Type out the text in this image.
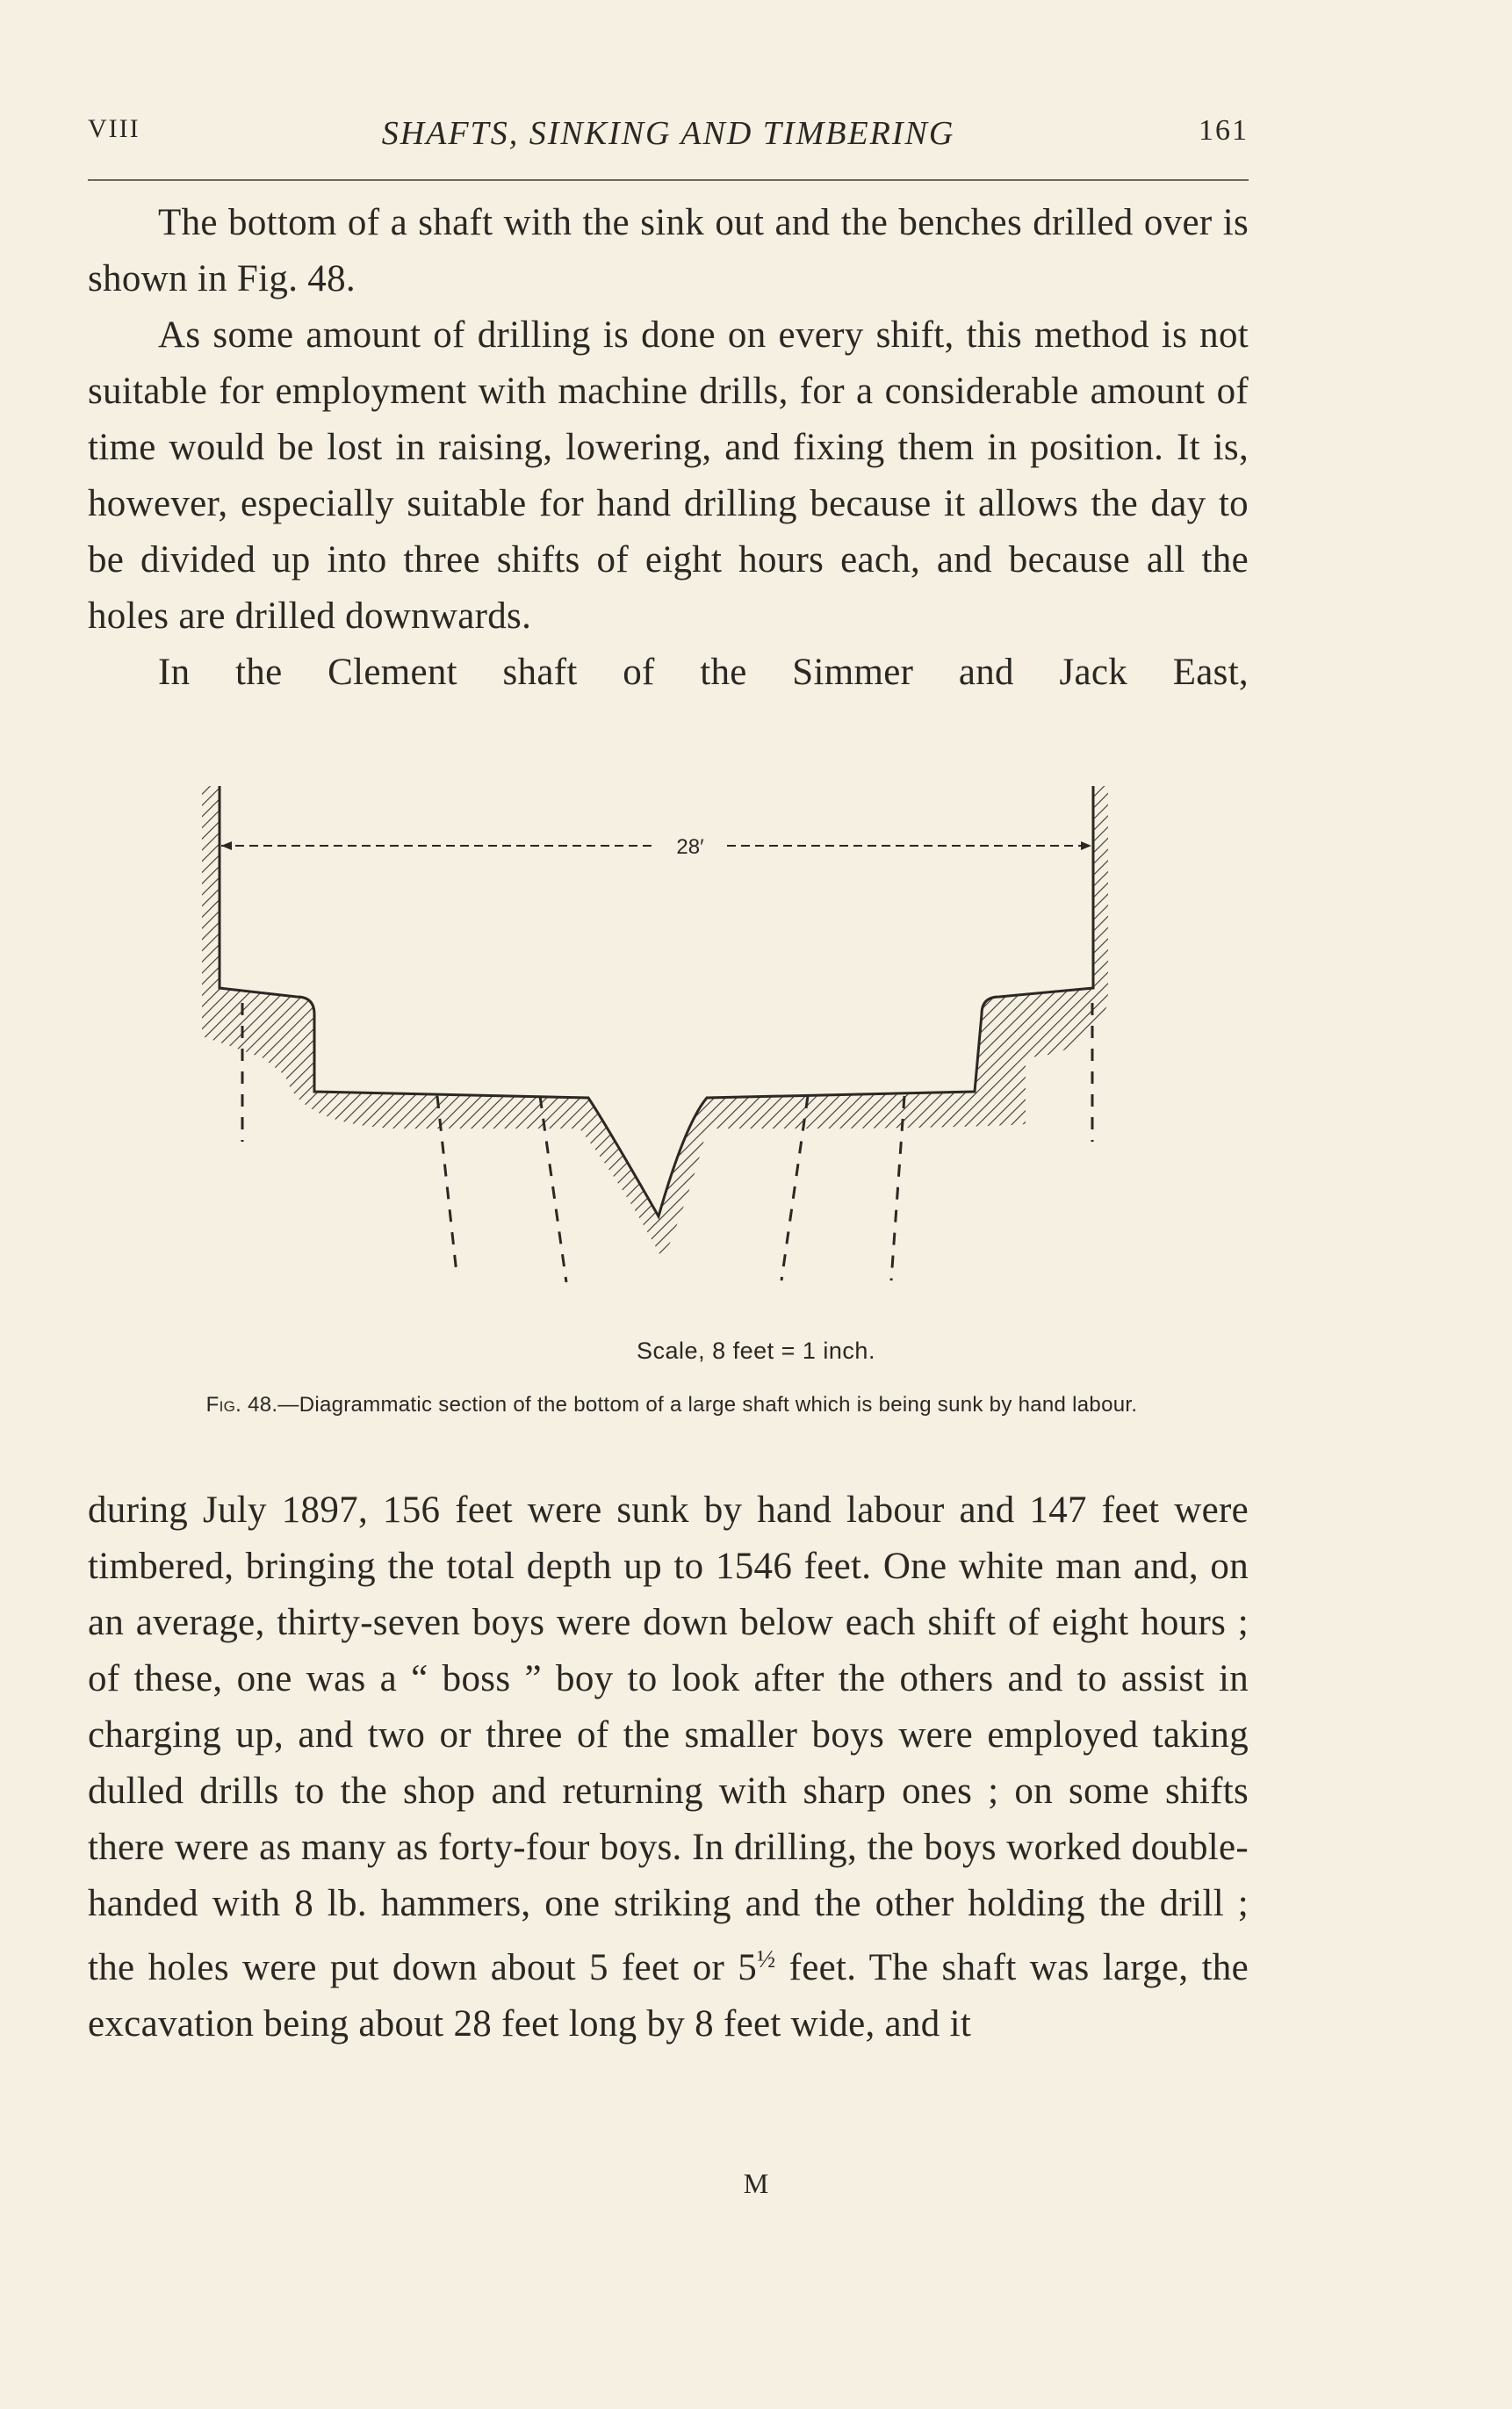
VIII	SHAFTS, SINKING AND TIMBERING	161

The bottom of a shaft with the sink out and the benches drilled over is shown in Fig. 48.

As some amount of drilling is done on every shift, this method is not suitable for employment with machine drills, for a considerable amount of time would be lost in raising, lowering, and fixing them in position. It is, however, especially suitable for hand drilling because it allows the day to be divided up into three shifts of eight hours each, and because all the holes are drilled downwards.

In the Clement shaft of the Simmer and Jack East,

28′
Scale, 8 feet = 1 inch.
Fig. 48.—Diagrammatic section of the bottom of a large shaft which is being sunk by hand labour.

during July 1897, 156 feet were sunk by hand labour and 147 feet were timbered, bringing the total depth up to 1546 feet. One white man and, on an average, thirty-seven boys were down below each shift of eight hours ; of these, one was a “ boss ” boy to look after the others and to assist in charging up, and two or three of the smaller boys were employed taking dulled drills to the shop and returning with sharp ones ; on some shifts there were as many as forty-four boys. In drilling, the boys worked double-handed with 8 lb. hammers, one striking and the other holding the drill ; the holes were put down about 5 feet or $5^{\frac{1}{2}}$ feet. The shaft was large, the excavation being about 28 feet long by 8 feet wide, and it

M
